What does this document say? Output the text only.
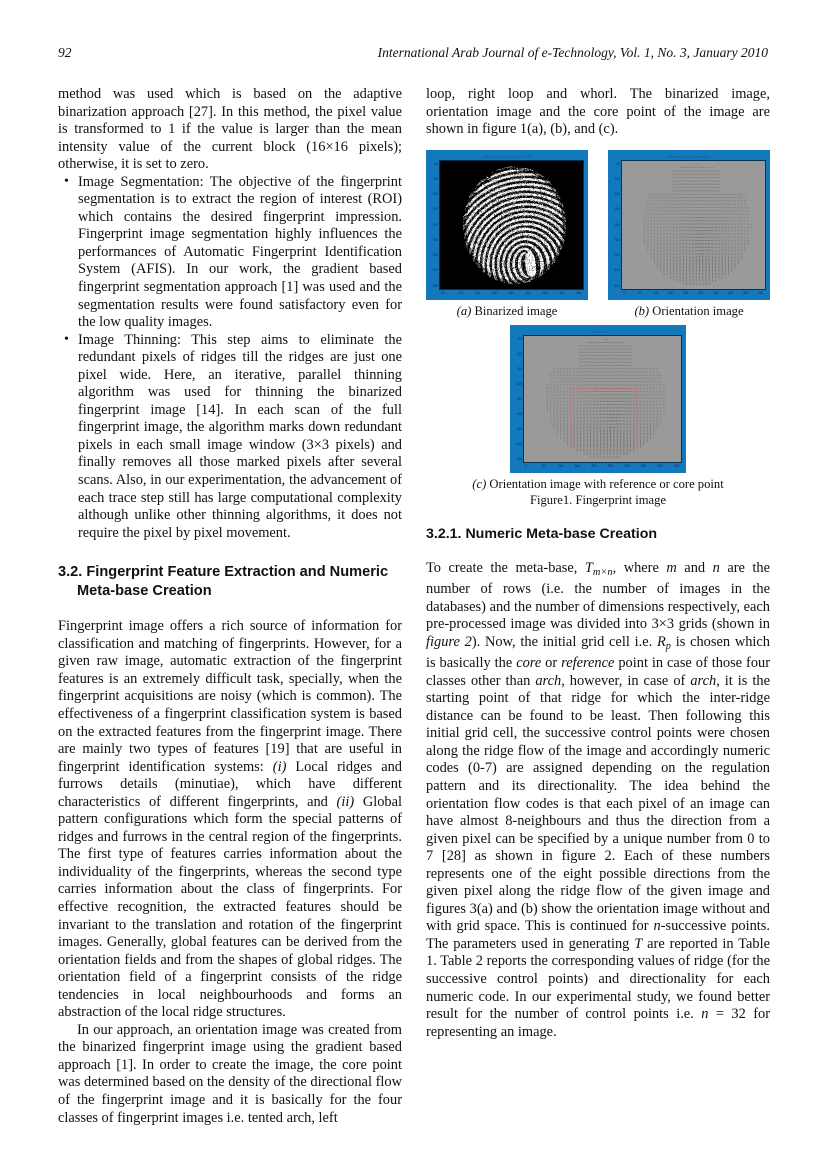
92	International Arab Journal of e-Technology, Vol. 1, No. 3, January 2010

method was used which is based on the adaptive binarization approach [27]. In this method, the pixel value is transformed to 1 if the value is larger than the mean intensity value of the current block (16×16 pixels); otherwise, it is set to zero.

• Image Segmentation: The objective of the fingerprint segmentation is to extract the region of interest (ROI) which contains the desired fingerprint impression. Fingerprint image segmentation highly influences the performances of Automatic Fingerprint Identification System (AFIS). In our work, the gradient based fingerprint segmentation approach [1] was used and the segmentation results were found satisfactory even for the low quality images.
• Image Thinning: This step aims to eliminate the redundant pixels of ridges till the ridges are just one pixel wide. Here, an iterative, parallel thinning algorithm was used for thinning the binarized fingerprint image [14]. In each scan of the full fingerprint image, the algorithm marks down redundant pixels in each small image window (3×3 pixels) and finally removes all those marked pixels after several scans. Also, in our experimentation, the advancement of each trace step still has large computational complexity although unlike other thinning algorithms, it does not require the pixel by pixel movement.
3.2. Fingerprint Feature Extraction and Numeric
Meta-base Creation

Fingerprint image offers a rich source of information for classification and matching of fingerprints. However, for a given raw image, automatic extraction of the fingerprint features is an extremely difficult task, specially, when the fingerprint acquisitions are noisy (which is common). The effectiveness of a fingerprint classification system is based on the extracted features from the fingerprint image. There are mainly two types of features [19] that are useful in fingerprint identification systems: (i) Local ridges and furrows details (minutiae), which have different characteristics of different fingerprints, and (ii) Global pattern configurations which form the special patterns of ridges and furrows in the central region of the fingerprints. The first type of features carries information about the individuality of the fingerprints, whereas the second type carries information about the class of fingerprints. For effective recognition, the extracted features should be invariant to the translation and rotation of the fingerprint images. Generally, global features can be derived from the orientation fields and from the shapes of global ridges. The orientation field of a fingerprint consists of the ridge tendencies in local neighbourhoods and forms an abstraction of the local ridge structures.

In our approach, an orientation image was created from the binarized fingerprint image using the gradient based approach [1]. In order to create the image, the core point was determined based on the density of the directional flow of the fingerprint image and it is basically for the four classes of fingerprint images i.e. tented arch, left

loop, right loop and whorl. The binarized image, orientation image and the core point of the image are shown in figure 1(a), (b), and (c).

Adaptive Binarization after FFT
50
100
150
200
250
300
350
400
450
50	100	150	200	250	300	350	400	450
(a) Binarized image
Orientation flow Estimation
50
100
150
200
250
300
350
400
450
0	50	100	150	200	250	300	350	400	450
(b) Orientation image
core point
50
100
150
200
250
300
350
400
450
0	50	100	150	200	250	300	350	400	450
(c) Orientation image with reference or core point
Figure1. Fingerprint image
3.2.1. Numeric Meta-base Creation

To create the meta-base, $T_{m\times n}$, where m and n are the number of rows (i.e. the number of images in the databases) and the number of dimensions respectively, each pre-processed image was divided into 3×3 grids (shown in figure 2). Now, the initial grid cell i.e. $R_p$ is chosen which is basically the core or reference point in case of those four classes other than arch, however, in case of arch, it is the starting point of that ridge for which the inter-ridge distance can be found to be least. Then following this initial grid cell, the successive control points were chosen along the ridge flow of the image and accordingly numeric codes (0-7) are assigned depending on the regulation pattern and its directionality. The idea behind the orientation flow codes is that each pixel of an image can have almost 8-neighbours and thus the direction from a given pixel can be specified by a unique number from 0 to 7 [28] as shown in figure 2. Each of these numbers represents one of the eight possible directions from the given pixel along the ridge flow of the given image and figures 3(a) and (b) show the orientation image without and with grid space. This is continued for n-successive points. The parameters used in generating T are reported in Table 1. Table 2 reports the corresponding values of ridge (for the successive control points) and directionality for each numeric code. In our experimental study, we found better result for the number of control points i.e. n = 32 for representing an image.
